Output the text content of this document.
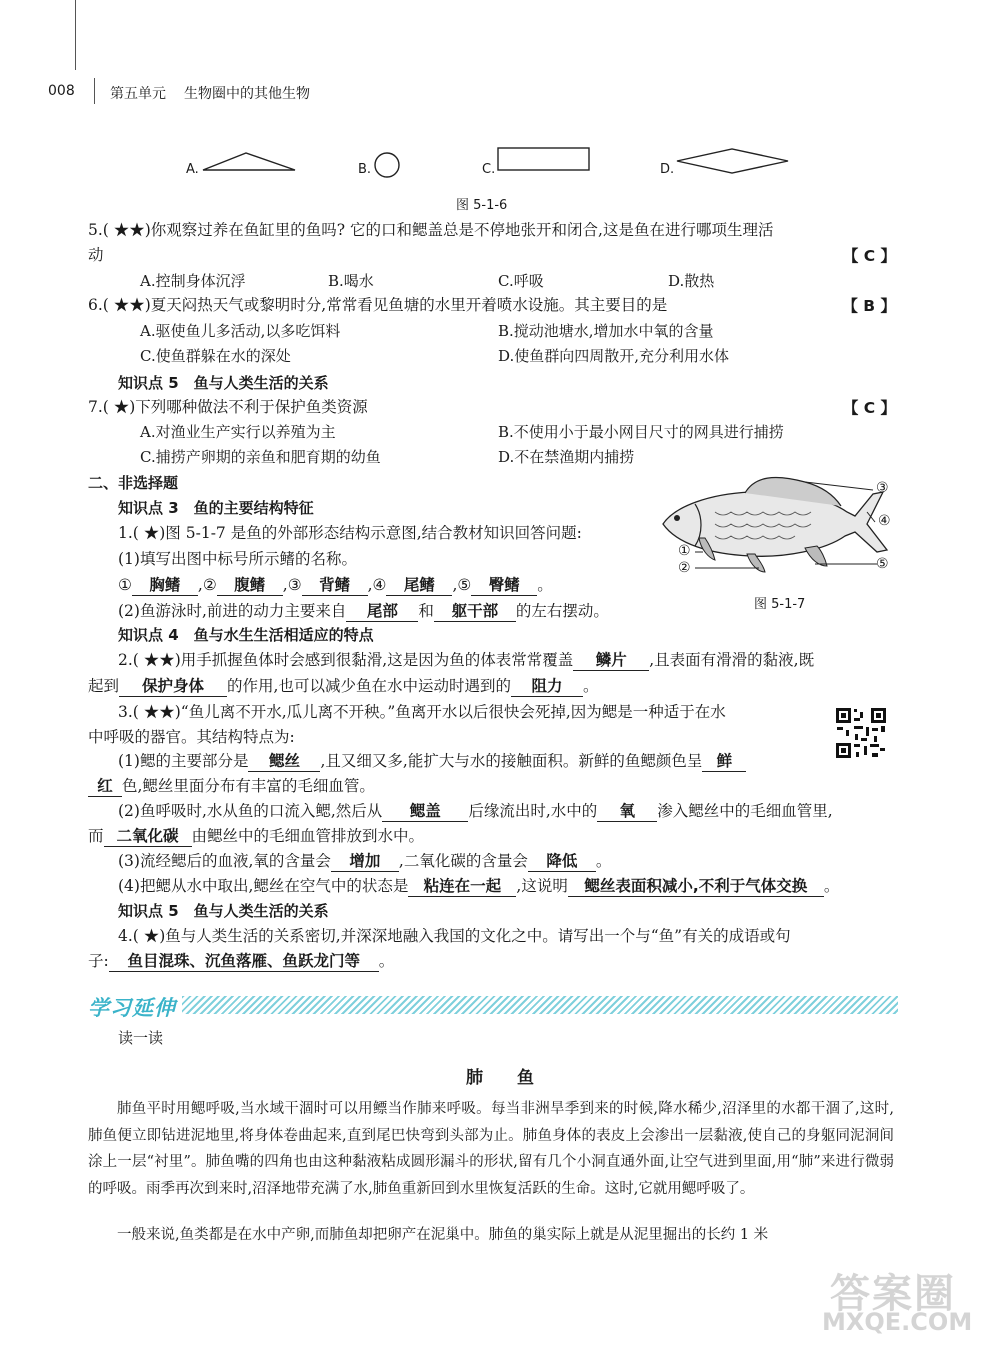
008	第五单元 生物圈中的其他生物
A.	B.	C.	D.
图 5-1-6
5.( ★★)你观察过养在鱼缸里的鱼吗? 它的口和鳃盖总是不停地张开和闭合,这是鱼在进行哪项生理活
动	【 C 】
A.控制身体沉浮	B.喝水	C.呼吸	D.散热
6.( ★★)夏天闷热天气或黎明时分,常常看见鱼塘的水里开着喷水设施。其主要目的是	【 B 】
A.驱使鱼儿多活动,以多吃饵料	B.搅动池塘水,增加水中氧的含量
C.使鱼群躲在水的深处	D.使鱼群向四周散开,充分利用水体
知识点 5　鱼与人类生活的关系
7.( ★)下列哪种做法不利于保护鱼类资源	【 C 】
A.对渔业生产实行以养殖为主	B.不使用小于最小网目尺寸的网具进行捕捞
C.捕捞产卵期的亲鱼和肥育期的幼鱼	D.不在禁渔期内捕捞
二、非选择题
知识点 3　鱼的主要结构特征
1.( ★)图 5-1-7 是鱼的外部形态结构示意图,结合教材知识回答问题:
(1)填写出图中标号所示鳍的名称。
① 胸鳍 ,② 腹鳍 ,③ 背鳍 ,④ 尾鳍 ,⑤ 臀鳍 。
(2)鱼游泳时,前进的动力主要来自 尾部 和 躯干部 的左右摆动。
①
②
③
④
⑤
图 5-1-7
知识点 4　鱼与水生生活相适应的特点
2.( ★★)用手抓握鱼体时会感到很黏滑,这是因为鱼的体表常常覆盖 鳞片 ,且表面有滑滑的黏液,既
起到 保护身体 的作用,也可以减少鱼在水中运动时遇到的 阻力 。
3.( ★★)“鱼儿离不开水,瓜儿离不开秧。”鱼离开水以后很快会死掉,因为鳃是一种适于在水
中呼吸的器官。其结构特点为:
(1)鳃的主要部分是 鳃丝 ,且又细又多,能扩大与水的接触面积。新鲜的鱼鳃颜色呈 鲜
红 色,鳃丝里面分布有丰富的毛细血管。
(2)鱼呼吸时,水从鱼的口流入鳃,然后从 鳃盖 后缘流出时,水中的 氧 渗入鳃丝中的毛细血管里,
而 二氧化碳 由鳃丝中的毛细血管排放到水中。
(3)流经鳃后的血液,氧的含量会 增加 ,二氧化碳的含量会 降低 。
(4)把鳃从水中取出,鳃丝在空气中的状态是 粘连在一起 ,这说明 鳃丝表面积减小,不利于气体交换 。
知识点 5　鱼与人类生活的关系
4.( ★)鱼与人类生活的关系密切,并深深地融入我国的文化之中。请写出一个与“鱼”有关的成语或句
子: 鱼目混珠、沉鱼落雁、鱼跃龙门等 。
学习延伸
读一读
肺　　鱼
肺鱼平时用鳃呼吸,当水域干涸时可以用鳔当作肺来呼吸。每当非洲旱季到来的时候,降水稀少,沼泽里的水都干涸了,这时,肺鱼便立即钻进泥地里,将身体卷曲起来,直到尾巴快弯到头部为止。肺鱼身体的表皮上会渗出一层黏液,使自己的身躯同泥洞间涂上一层“衬里”。肺鱼嘴的四角也由这种黏液粘成圆形漏斗的形状,留有几个小洞直通外面,让空气进到里面,用“肺”来进行微弱的呼吸。雨季再次到来时,沼泽地带充满了水,肺鱼重新回到水里恢复活跃的生命。这时,它就用鳃呼吸了。
一般来说,鱼类都是在水中产卵,而肺鱼却把卵产在泥巢中。肺鱼的巢实际上就是从泥里掘出的长约 1 米
答案圈
MXQE.COM
